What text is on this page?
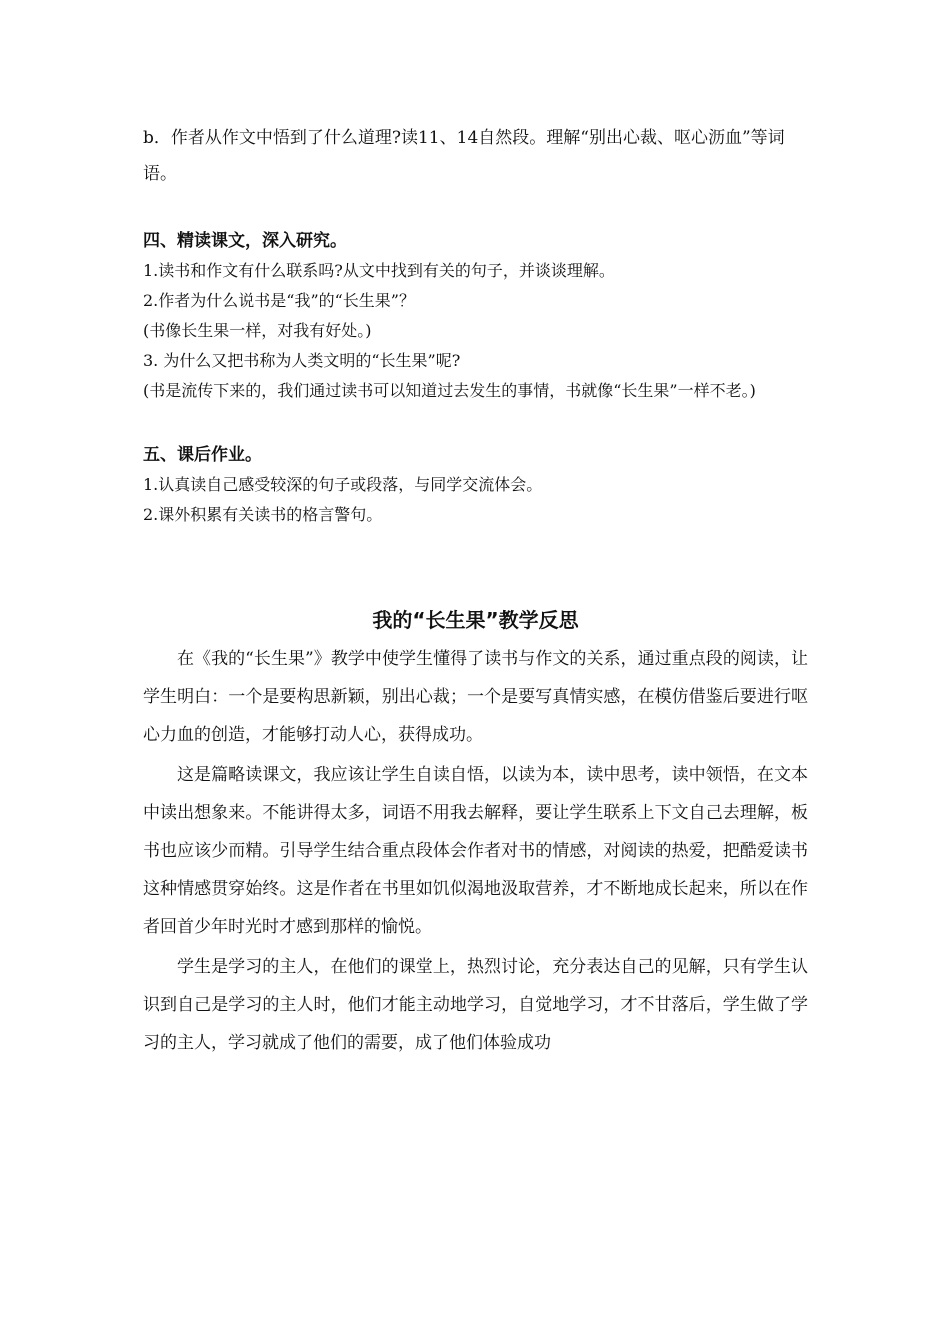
b．作者从作文中悟到了什么道理?读11、14自然段。理解“别出心裁、呕心沥血”等词语。

四、精读课文，深入研究。

1.读书和作文有什么联系吗?从文中找到有关的句子，并谈谈理解。

2.作者为什么说书是“我”的“长生果”？

(书像长生果一样，对我有好处。)

3. 为什么又把书称为人类文明的“长生果”呢?

(书是流传下来的，我们通过读书可以知道过去发生的事情，书就像“长生果”一样不老。)

五、课后作业。

1.认真读自己感受较深的句子或段落，与同学交流体会。

2.课外积累有关读书的格言警句。

我的“长生果”教学反思

在《我的“长生果”》教学中使学生懂得了读书与作文的关系，通过重点段的阅读，让学生明白：一个是要构思新颖，别出心裁；一个是要写真情实感，在模仿借鉴后要进行呕心力血的创造，才能够打动人心，获得成功。

这是篇略读课文，我应该让学生自读自悟，以读为本，读中思考，读中领悟，在文本中读出想象来。不能讲得太多，词语不用我去解释，要让学生联系上下文自己去理解，板书也应该少而精。引导学生结合重点段体会作者对书的情感，对阅读的热爱，把酷爱读书这种情感贯穿始终。这是作者在书里如饥似渴地汲取营养，才不断地成长起来，所以在作者回首少年时光时才感到那样的愉悦。

学生是学习的主人，在他们的课堂上，热烈讨论，充分表达自己的见解，只有学生认识到自己是学习的主人时，他们才能主动地学习，自觉地学习，才不甘落后，学生做了学习的主人，学习就成了他们的需要，成了他们体验成功
